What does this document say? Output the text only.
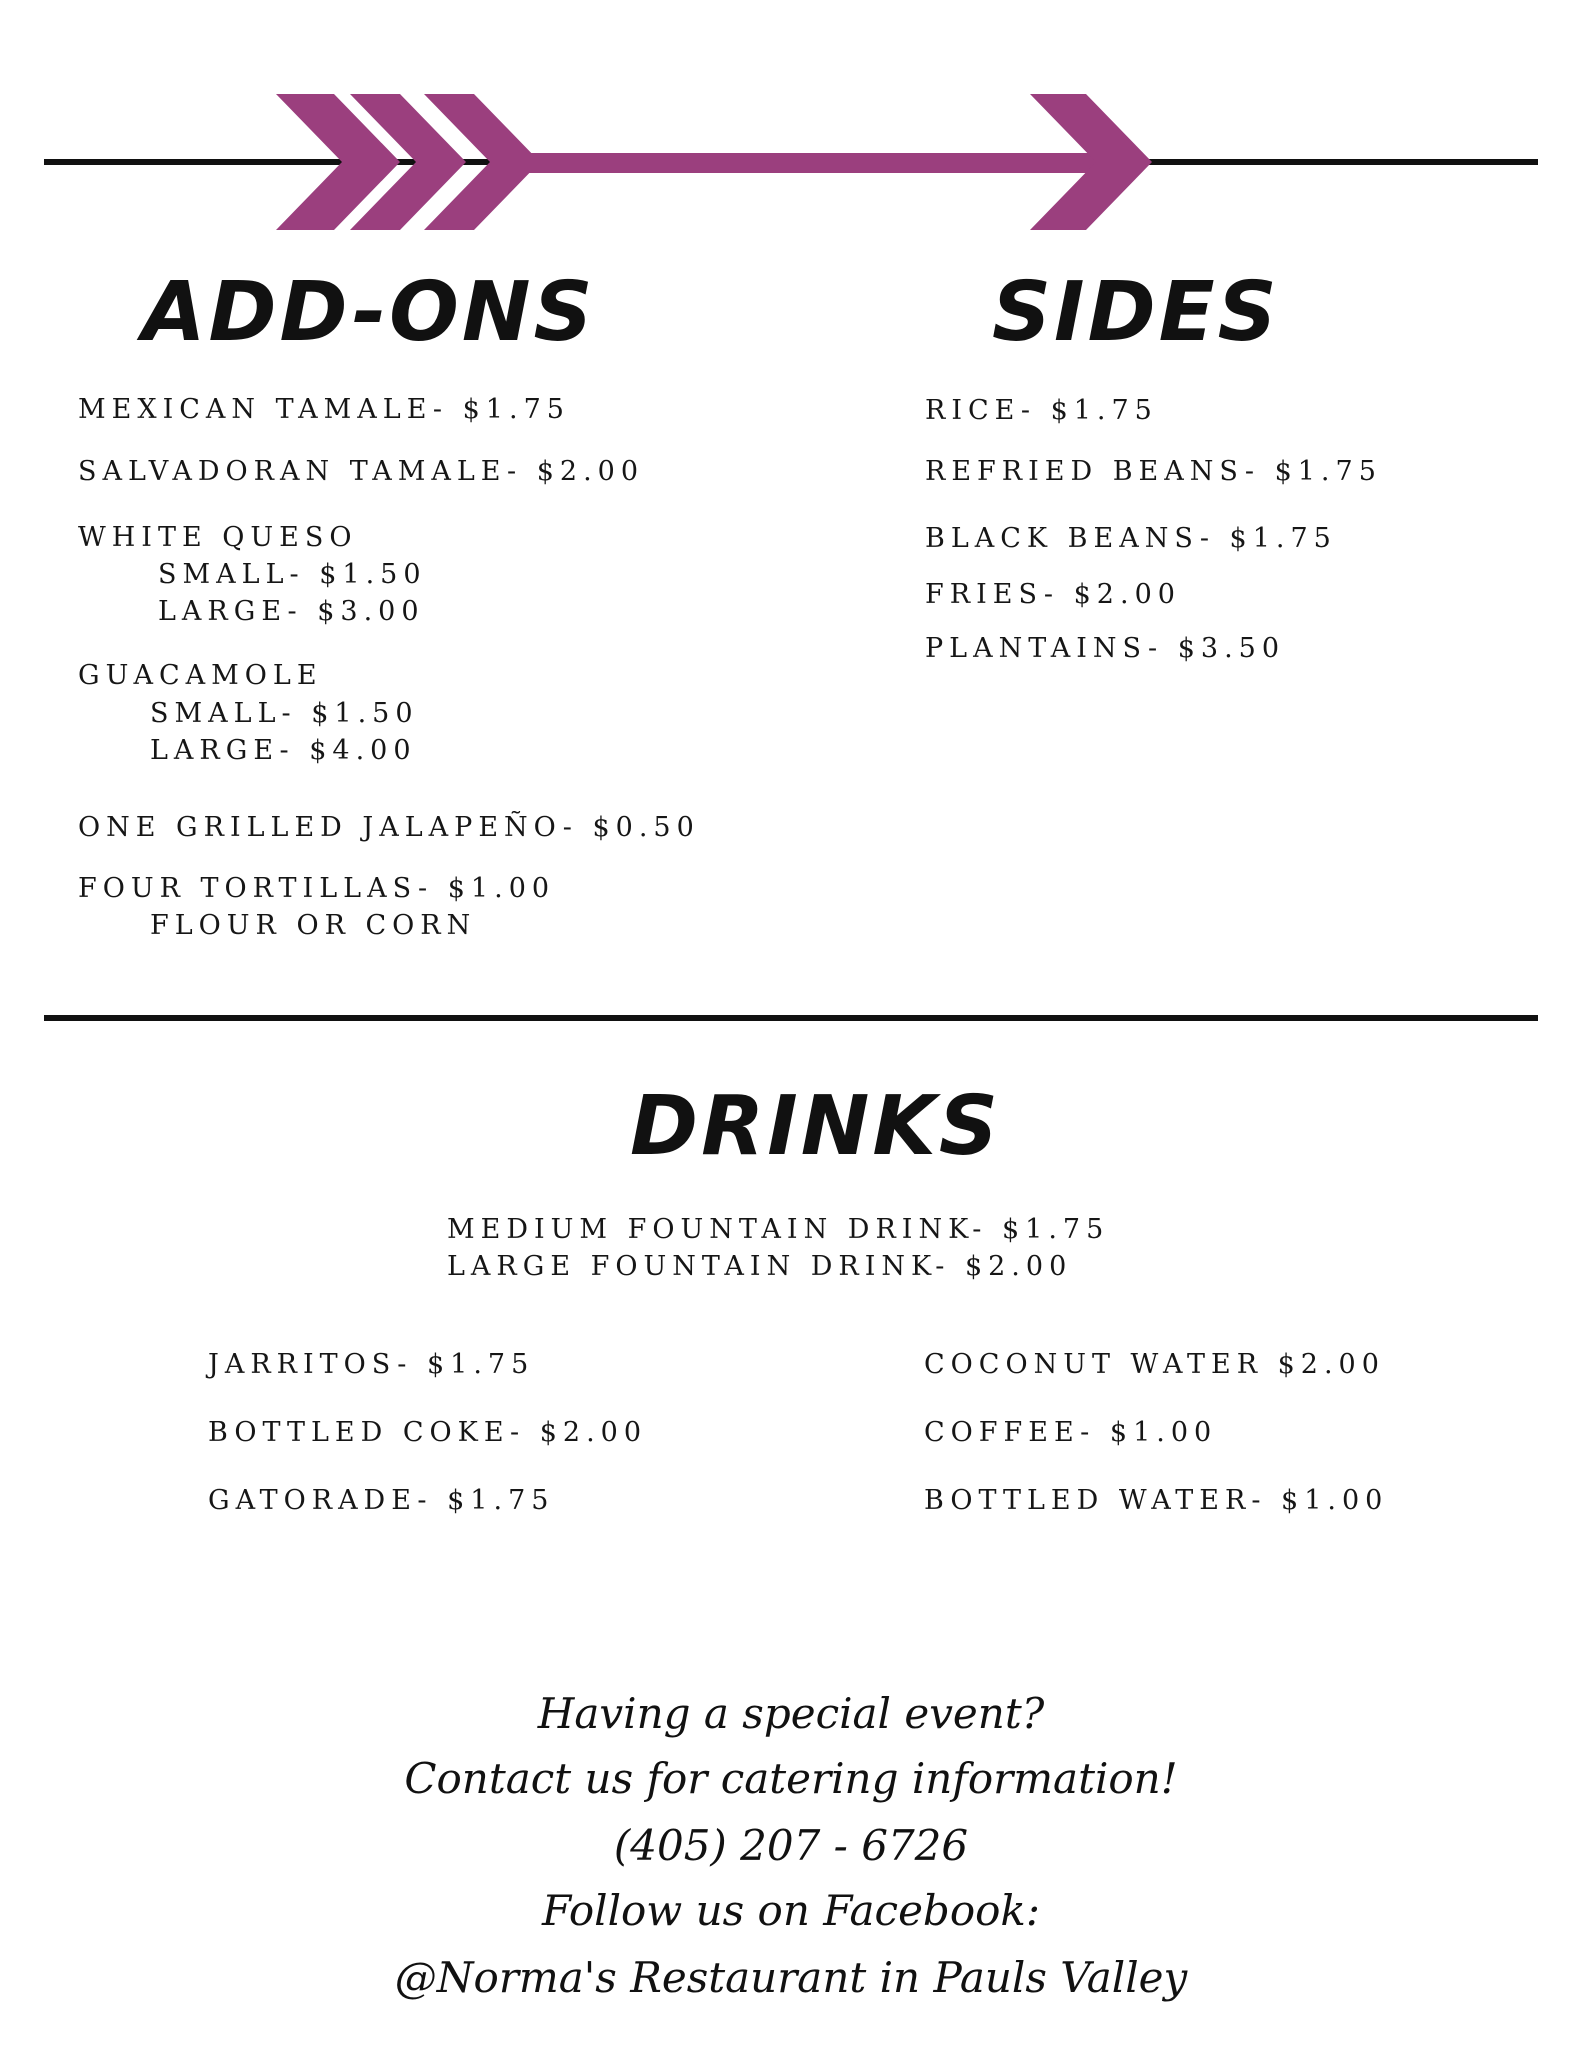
ADD-ONS
MEXICAN TAMALE- $1.75
SALVADORAN TAMALE- $2.00
WHITE QUESO
SMALL- $1.50
LARGE- $3.00
GUACAMOLE
SMALL- $1.50
LARGE- $4.00
ONE GRILLED JALAPEÑO- $0.50
FOUR TORTILLAS- $1.00
FLOUR OR CORN
SIDES
RICE- $1.75
REFRIED BEANS- $1.75
BLACK BEANS- $1.75
FRIES- $2.00
PLANTAINS- $3.50
DRINKS
MEDIUM FOUNTAIN DRINK- $1.75
LARGE FOUNTAIN DRINK- $2.00
JARRITOS- $1.75
BOTTLED COKE- $2.00
GATORADE- $1.75
COCONUT WATER $2.00
COFFEE- $1.00
BOTTLED WATER- $1.00
Having a special event?
Contact us for catering information!
(405) 207 - 6726
Follow us on Facebook:
@Norma's Restaurant in Pauls Valley
